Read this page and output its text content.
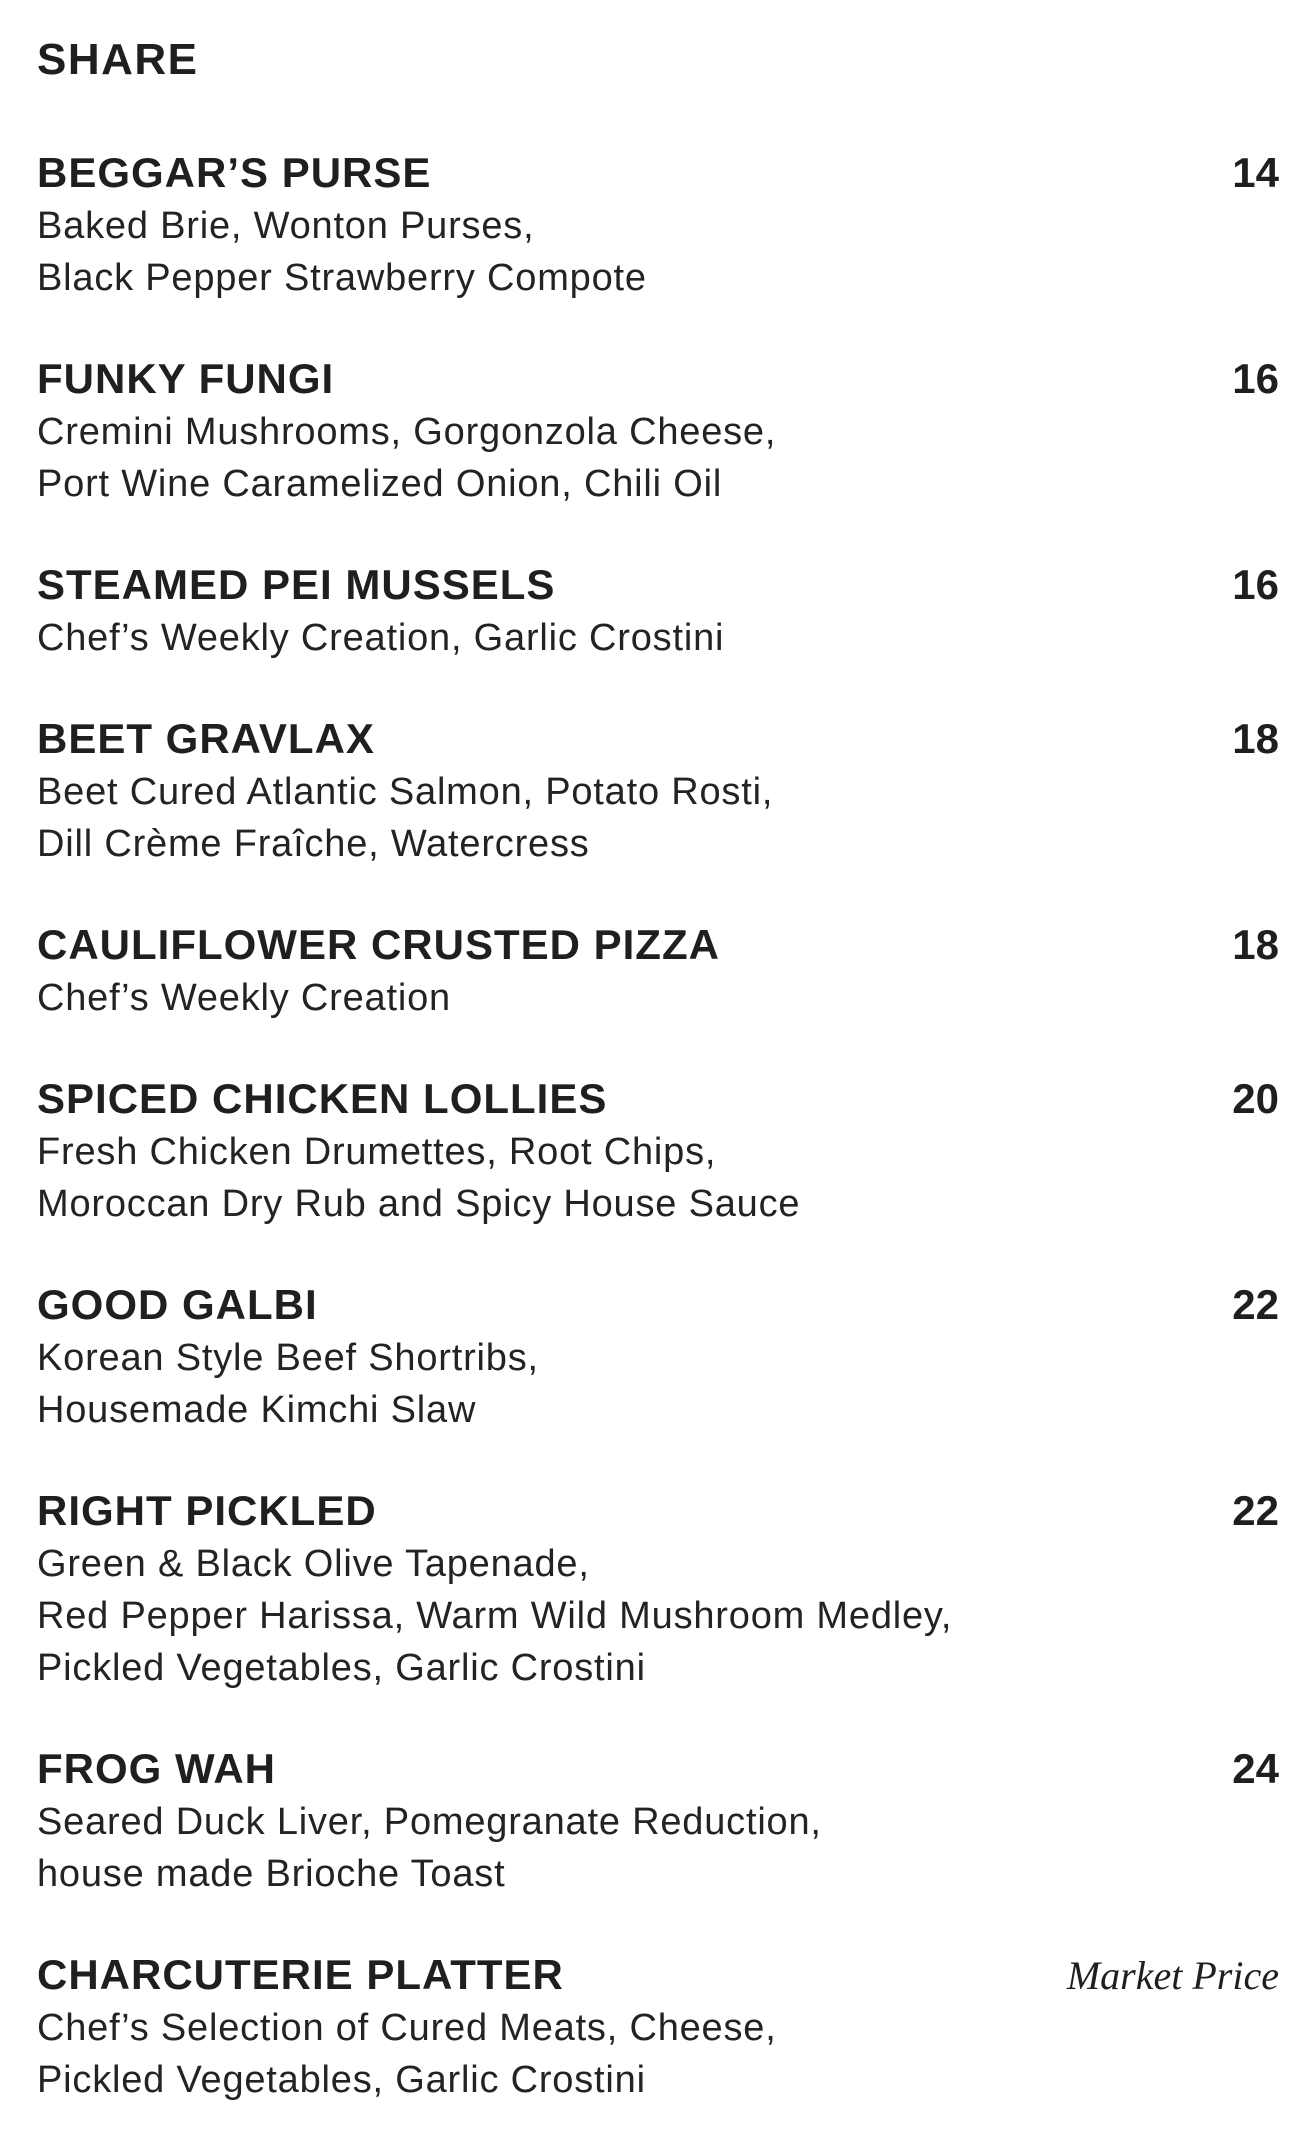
SHARE
BEGGAR’S PURSE	14
Baked Brie, Wonton Purses,
Black Pepper Strawberry Compote
FUNKY FUNGI	16
Cremini Mushrooms, Gorgonzola Cheese,
Port Wine Caramelized Onion, Chili Oil
STEAMED PEI MUSSELS	16
Chef’s Weekly Creation, Garlic Crostini
BEET GRAVLAX	18
Beet Cured Atlantic Salmon, Potato Rosti,
Dill Crème Fraîche, Watercress
CAULIFLOWER CRUSTED PIZZA	18
Chef’s Weekly Creation
SPICED CHICKEN LOLLIES	20
Fresh Chicken Drumettes, Root Chips,
Moroccan Dry Rub and Spicy House Sauce
GOOD GALBI	22
Korean Style Beef Shortribs,
Housemade Kimchi Slaw
RIGHT PICKLED	22
Green & Black Olive Tapenade,
Red Pepper Harissa, Warm Wild Mushroom Medley,
Pickled Vegetables, Garlic Crostini
FROG WAH	24
Seared Duck Liver, Pomegranate Reduction,
house made Brioche Toast
CHARCUTERIE PLATTER	Market Price
Chef’s Selection of Cured Meats, Cheese,
Pickled Vegetables, Garlic Crostini
